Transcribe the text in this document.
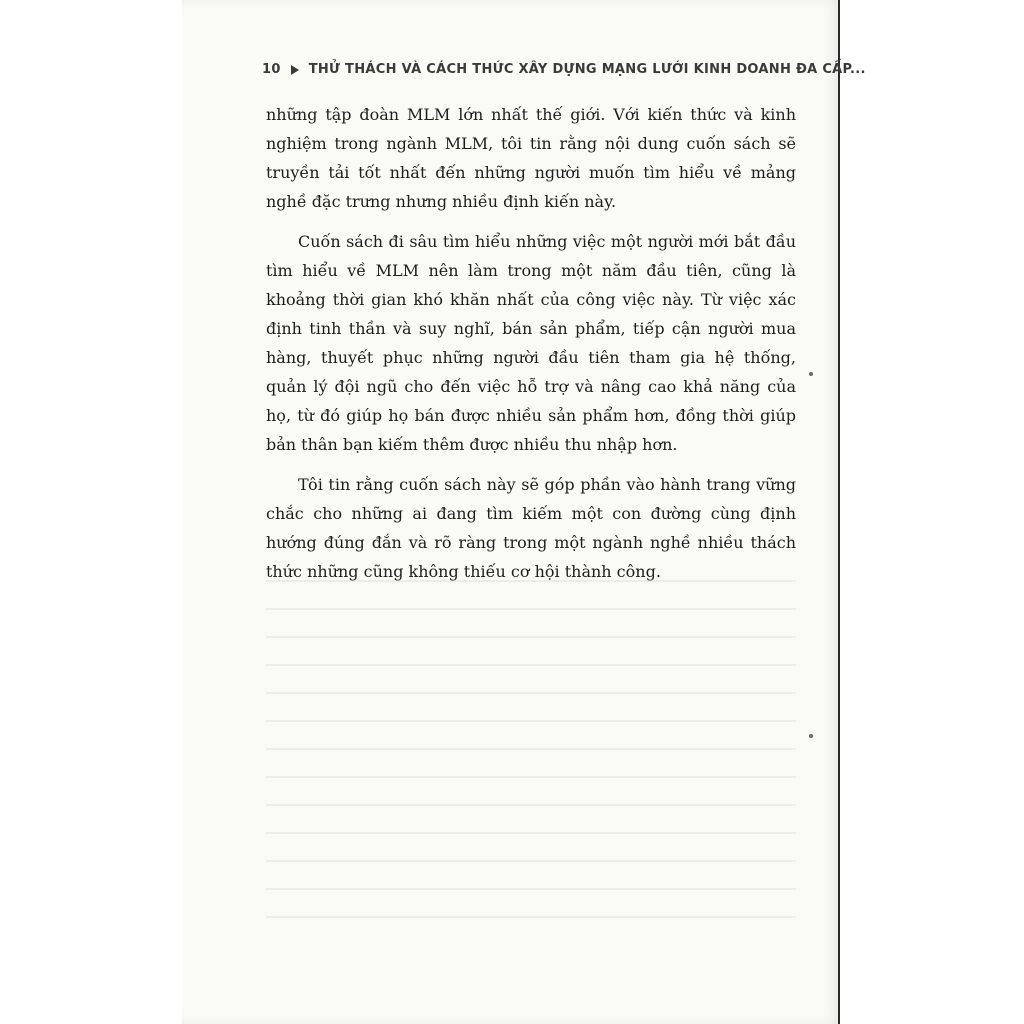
10 THỬ THÁCH VÀ CÁCH THỨC XÂY DỰNG MẠNG LƯỚI KINH DOANH ĐA CẤP...

những tập đoàn MLM lớn nhất thế giới. Với kiến thức và kinh nghiệm trong ngành MLM, tôi tin rằng nội dung cuốn sách sẽ truyền tải tốt nhất đến những người muốn tìm hiểu về mảng nghề đặc trưng nhưng nhiều định kiến này.

Cuốn sách đi sâu tìm hiểu những việc một người mới bắt đầu tìm hiểu về MLM nên làm trong một năm đầu tiên, cũng là khoảng thời gian khó khăn nhất của công việc này. Từ việc xác định tinh thần và suy nghĩ, bán sản phẩm, tiếp cận người mua hàng, thuyết phục những người đầu tiên tham gia hệ thống, quản lý đội ngũ cho đến việc hỗ trợ và nâng cao khả năng của họ, từ đó giúp họ bán được nhiều sản phẩm hơn, đồng thời giúp bản thân bạn kiếm thêm được nhiều thu nhập hơn.

Tôi tin rằng cuốn sách này sẽ góp phần vào hành trang vững chắc cho những ai đang tìm kiếm một con đường cùng định hướng đúng đắn và rõ ràng trong một ngành nghề nhiều thách thức những cũng không thiếu cơ hội thành công.
